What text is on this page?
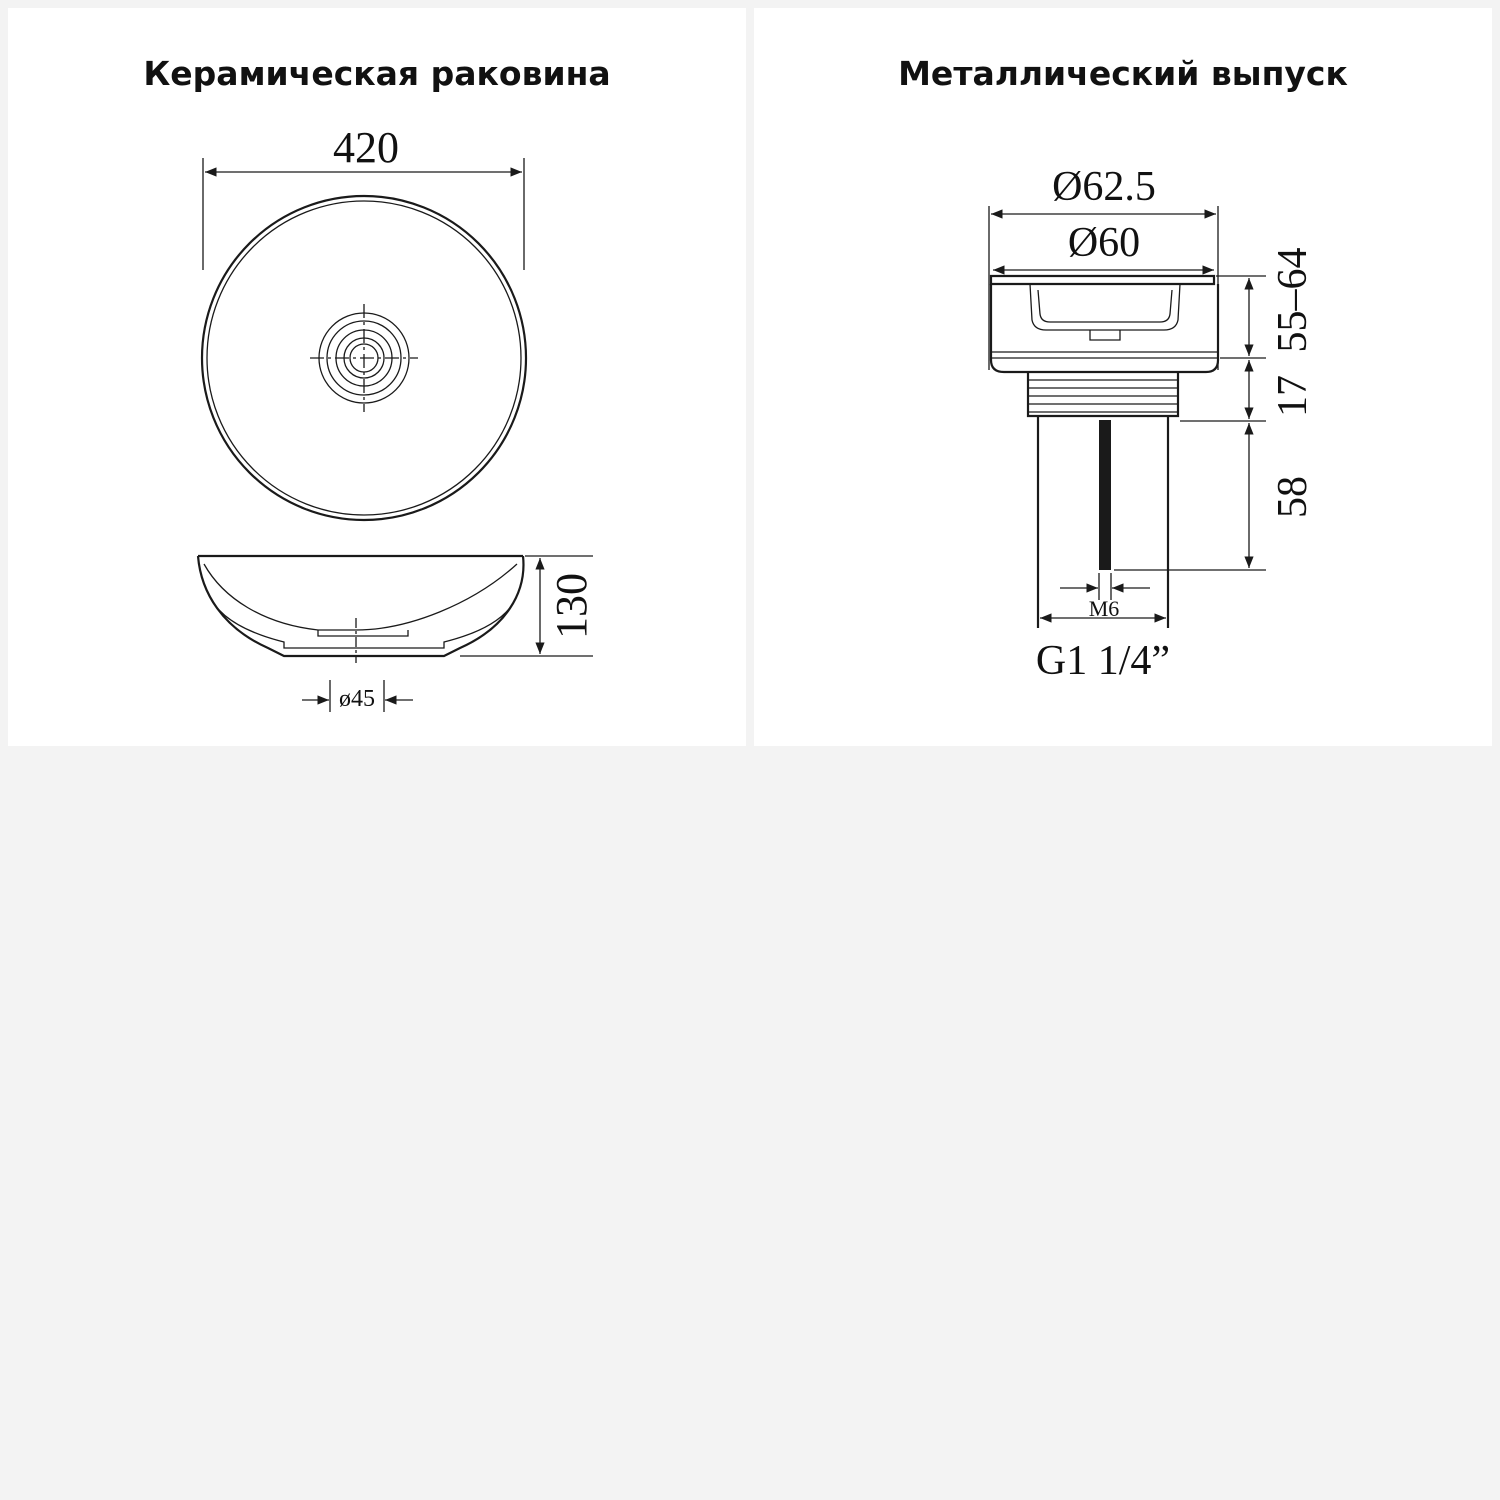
Керамическая раковина
420
130
ø45
Металлический выпуск
Ø62.5
Ø60
55–64
17
58
M6
G1 1/4”
